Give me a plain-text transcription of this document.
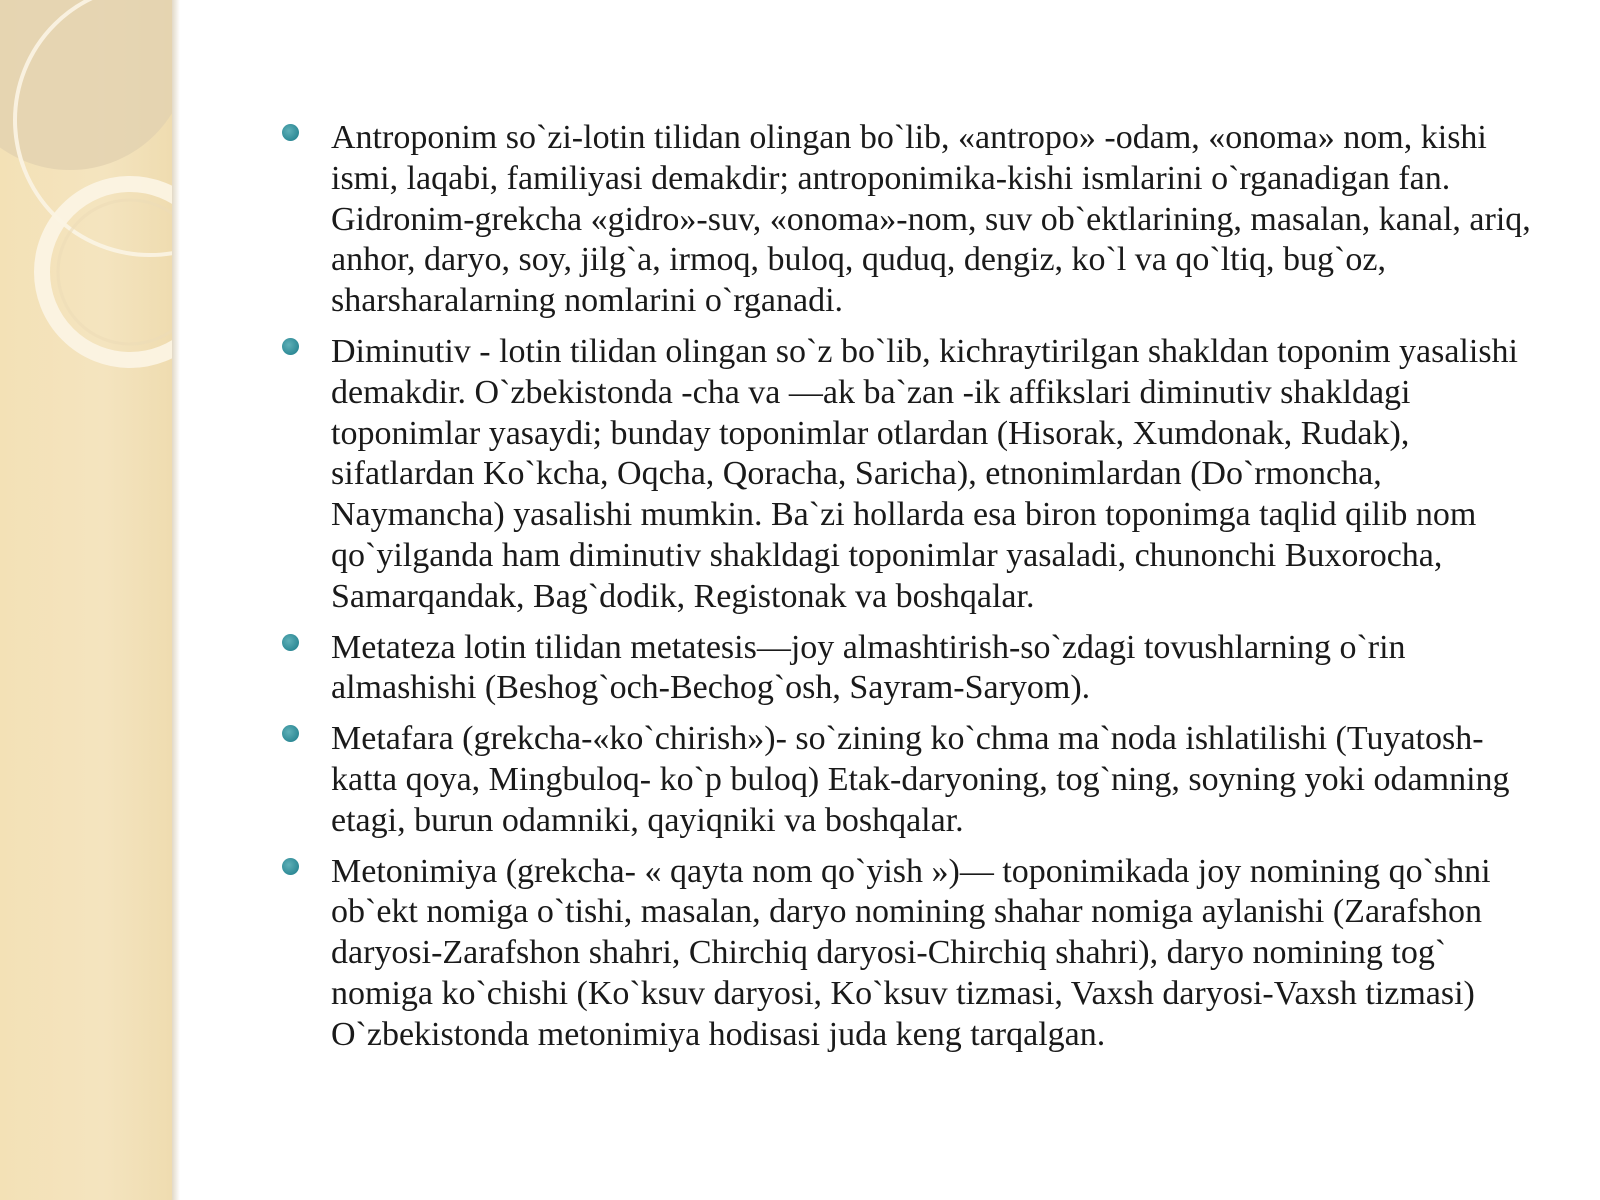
Antroponim so`zi-lotin tilidan olingan bo`lib, «antropo» -odam, «onoma» nom, kishi ismi, laqabi, familiyasi demakdir; antroponimika-kishi ismlarini o`rganadigan fan. Gidronim-grekcha «gidro»-suv, «onoma»-nom, suv ob`ektlarining, masalan, kanal, ariq, anhor, daryo, soy, jilg`a, irmoq, buloq, quduq, dengiz, ko`l va qo`ltiq, bug`oz, sharsharalarning nomlarini o`rganadi.
Diminutiv - lotin tilidan olingan so`z bo`lib, kichraytirilgan shakldan toponim yasalishi demakdir. O`zbekistonda -cha va —ak ba`zan -ik affikslari diminutiv shakldagi toponimlar yasaydi; bunday toponimlar otlardan (Hisorak, Xumdonak, Rudak), sifatlardan Ko`kcha, Oqcha, Qoracha, Saricha), etnonimlardan (Do`rmoncha, Naymancha) yasalishi mumkin. Ba`zi hollarda esa biron toponimga taqlid qilib nom qo`yilganda ham diminutiv shakldagi toponimlar yasaladi, chunonchi Buxorocha, Samarqandak, Bag`dodik, Registonak va boshqalar.
Metateza lotin tilidan metatesis—joy almashtirish-so`zdagi tovushlarning o`rin almashishi (Beshog`och-Bechog`osh, Sayram-Saryom).
Metafara (grekcha-«ko`chirish»)- so`zining ko`chma ma`noda ishlatilishi (Tuyatosh-katta qoya, Mingbuloq- ko`p buloq) Etak-daryoning, tog`ning, soyning yoki odamning etagi, burun odamniki, qayiqniki va boshqalar.
Metonimiya (grekcha- « qayta nom qo`yish »)— toponimikada joy nomining qo`shni ob`ekt nomiga o`tishi, masalan, daryo nomining shahar nomiga aylanishi (Zarafshon daryosi-Zarafshon shahri, Chirchiq daryosi-Chirchiq shahri), daryo nomining tog` nomiga ko`chishi (Ko`ksuv daryosi, Ko`ksuv tizmasi, Vaxsh daryosi-Vaxsh tizmasi) O`zbekistonda metonimiya hodisasi juda keng tarqalgan.
